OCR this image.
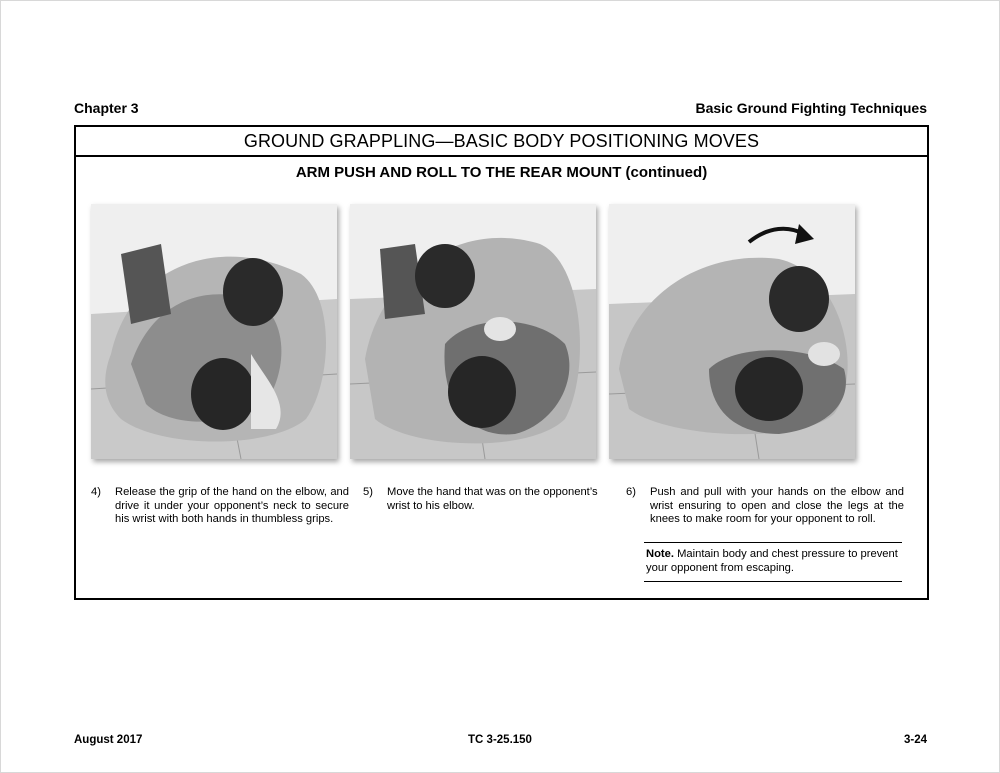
Chapter 3	Basic Ground Fighting Techniques
GROUND GRAPPLING—BASIC BODY POSITIONING MOVES
ARM PUSH AND ROLL TO THE REAR MOUNT (continued)
4) Release the grip of the hand on the elbow, and drive it under your opponent’s neck to secure his wrist with both hands in thumbless grips.
5) Move the hand that was on the opponent’s wrist to his elbow.
6) Push and pull with your hands on the elbow and wrist ensuring to open and close the legs at the knees to make room for your opponent to roll.
Note. Maintain body and chest pressure to prevent your opponent from escaping.
August 2017	TC 3-25.150	3-24
